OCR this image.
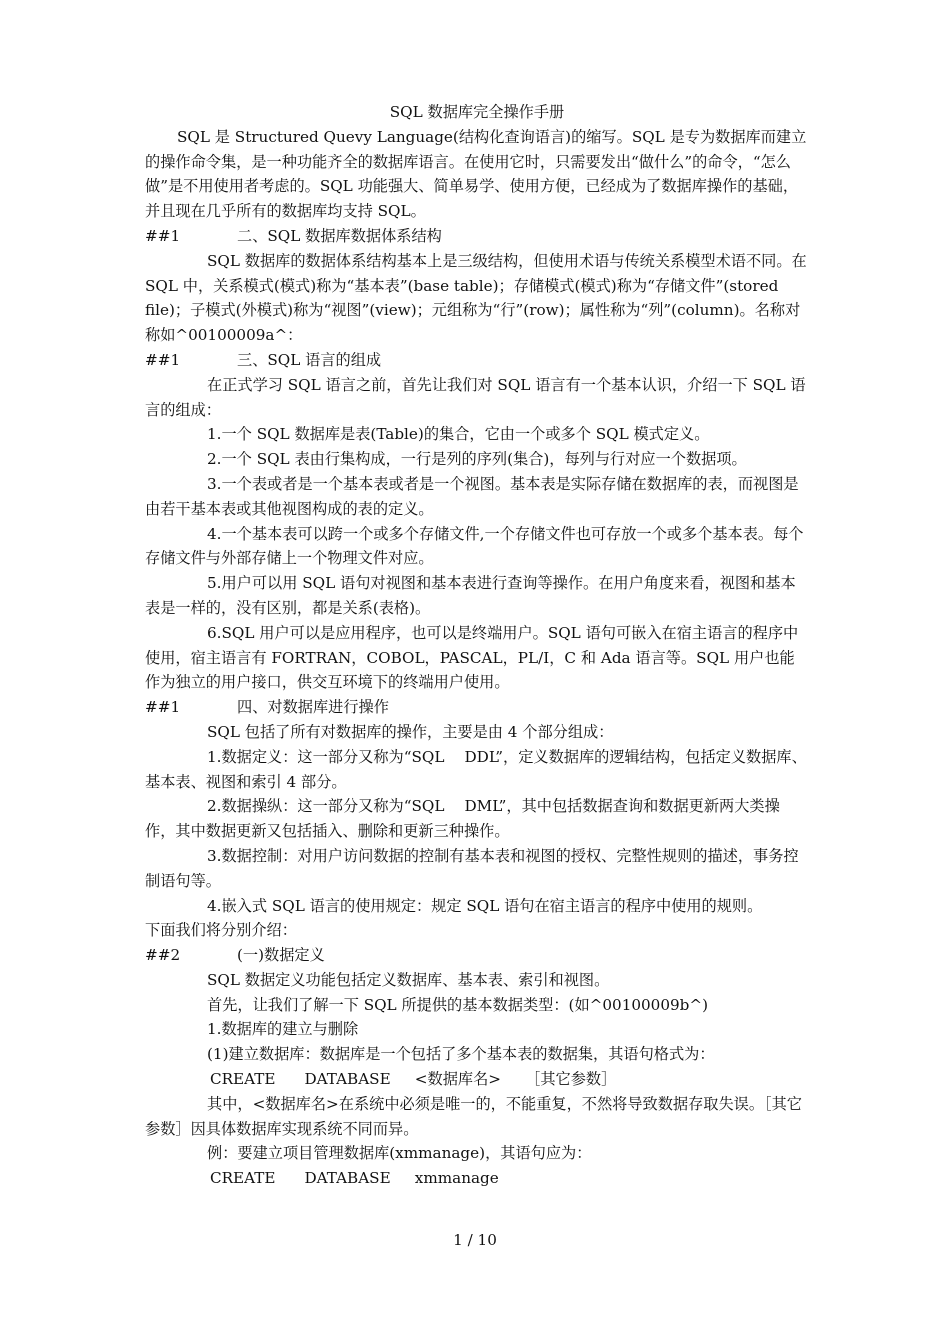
SQL 数据库完全操作手册

SQL 是 Structured Quevy Language(结构化查询语言)的缩写。SQL 是专为数据库而建立的操作命令集，是一种功能齐全的数据库语言。在使用它时，只需要发出“做什么”的命令，“怎么做”是不用使用者考虑的。SQL 功能强大、简单易学、使用方便，已经成为了数据库操作的基础，并且现在几乎所有的数据库均支持 SQL。

##1	二、SQL 数据库数据体系结构

SQL 数据库的数据体系结构基本上是三级结构，但使用术语与传统关系模型术语不同。在 SQL 中，关系模式(模式)称为“基本表”(base table)；存储模式(模式)称为“存储文件”(stored file)；子模式(外模式)称为“视图”(view)；元组称为“行”(row)；属性称为“列”(column)。名称对称如^00100009a^：

##1	三、SQL 语言的组成

在正式学习 SQL 语言之前，首先让我们对 SQL 语言有一个基本认识，介绍一下 SQL 语言的组成：

1.一个 SQL 数据库是表(Table)的集合，它由一个或多个 SQL 模式定义。

2.一个 SQL 表由行集构成，一行是列的序列(集合)，每列与行对应一个数据项。

3.一个表或者是一个基本表或者是一个视图。基本表是实际存储在数据库的表，而视图是由若干基本表或其他视图构成的表的定义。

4.一个基本表可以跨一个或多个存储文件,一个存储文件也可存放一个或多个基本表。每个存储文件与外部存储上一个物理文件对应。

5.用户可以用 SQL 语句对视图和基本表进行查询等操作。在用户角度来看，视图和基本表是一样的，没有区别，都是关系(表格)。

6.SQL 用户可以是应用程序，也可以是终端用户。SQL 语句可嵌入在宿主语言的程序中使用，宿主语言有 FORTRAN，COBOL，PASCAL，PL/I，C 和 Ada 语言等。SQL 用户也能作为独立的用户接口，供交互环境下的终端用户使用。

##1	四、对数据库进行操作

SQL 包括了所有对数据库的操作，主要是由 4 个部分组成：

1.数据定义：这一部分又称为“SQL　 DDL”，定义数据库的逻辑结构，包括定义数据库、基本表、视图和索引 4 部分。

2.数据操纵：这一部分又称为“SQL　 DML”，其中包括数据查询和数据更新两大类操作，其中数据更新又包括插入、删除和更新三种操作。

3.数据控制：对用户访问数据的控制有基本表和视图的授权、完整性规则的描述，事务控制语句等。

4.嵌入式 SQL 语言的使用规定：规定 SQL 语句在宿主语言的程序中使用的规则。

下面我们将分别介绍：

##2	(一)数据定义

SQL 数据定义功能包括定义数据库、基本表、索引和视图。

首先，让我们了解一下 SQL 所提供的基本数据类型：(如^00100009b^)

1.数据库的建立与删除

(1)建立数据库：数据库是一个包括了多个基本表的数据集，其语句格式为：

CREATE      DATABASE     <数据库名>     ［其它参数］

其中，<数据库名>在系统中必须是唯一的，不能重复，不然将导致数据存取失误。［其它参数］因具体数据库实现系统不同而异。

例：要建立项目管理数据库(xmmanage)，其语句应为：

CREATE      DATABASE     xmmanage

1 / 10
